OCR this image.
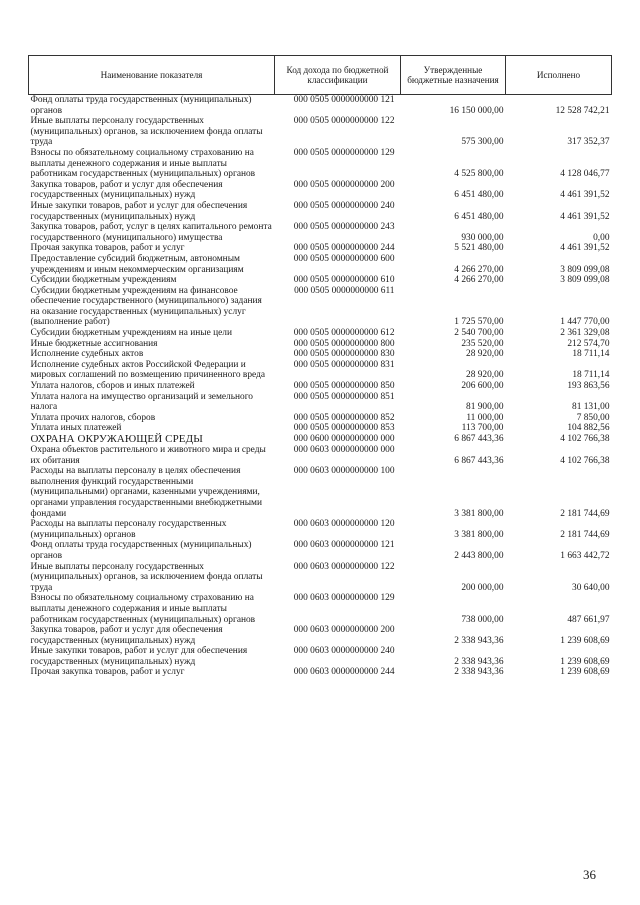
Наименование показателя	Код дохода по бюджетной классификации	Утвержденные бюджетные назначения	Исполнено
Фонд оплаты труда государственных (муниципальных) органов	000 0505 0000000000 121	16 150 000,00	12 528 742,21
Иные выплаты персоналу государственных (муниципальных) органов, за исключением фонда оплаты труда	000 0505 0000000000 122	575 300,00	317 352,37
Взносы по обязательному социальному страхованию на выплаты денежного содержания и иные выплаты работникам государственных (муниципальных) органов	000 0505 0000000000 129	4 525 800,00	4 128 046,77
Закупка товаров, работ и услуг для обеспечения государственных (муниципальных) нужд	000 0505 0000000000 200	6 451 480,00	4 461 391,52
Иные закупки товаров, работ и услуг для обеспечения государственных (муниципальных) нужд	000 0505 0000000000 240	6 451 480,00	4 461 391,52
Закупка товаров, работ, услуг в целях капитального ремонта государственного (муниципального) имущества	000 0505 0000000000 243	930 000,00	0,00
Прочая закупка товаров, работ и услуг	000 0505 0000000000 244	5 521 480,00	4 461 391,52
Предоставление субсидий бюджетным, автономным учреждениям и иным некоммерческим организациям	000 0505 0000000000 600	4 266 270,00	3 809 099,08
Субсидии бюджетным учреждениям	000 0505 0000000000 610	4 266 270,00	3 809 099,08
Субсидии бюджетным учреждениям на финансовое обеспечение государственного (муниципального) задания на оказание государственных (муниципальных) услуг (выполнение работ)	000 0505 0000000000 611	1 725 570,00	1 447 770,00
Субсидии бюджетным учреждениям на иные цели	000 0505 0000000000 612	2 540 700,00	2 361 329,08
Иные бюджетные ассигнования	000 0505 0000000000 800	235 520,00	212 574,70
Исполнение судебных актов	000 0505 0000000000 830	28 920,00	18 711,14
Исполнение судебных актов Российской Федерации и мировых соглашений по возмещению причиненного вреда	000 0505 0000000000 831	28 920,00	18 711,14
Уплата налогов, сборов и иных платежей	000 0505 0000000000 850	206 600,00	193 863,56
Уплата налога на имущество организаций и земельного налога	000 0505 0000000000 851	81 900,00	81 131,00
Уплата прочих налогов, сборов	000 0505 0000000000 852	11 000,00	7 850,00
Уплата иных платежей	000 0505 0000000000 853	113 700,00	104 882,56
ОХРАНА ОКРУЖАЮЩЕЙ СРЕДЫ	000 0600 0000000000 000	6 867 443,36	4 102 766,38
Охрана объектов растительного и животного мира и среды их обитания	000 0603 0000000000 000	6 867 443,36	4 102 766,38
Расходы на выплаты персоналу в целях обеспечения выполнения функций государственными (муниципальными) органами, казенными учреждениями, органами управления государственными внебюджетными фондами	000 0603 0000000000 100	3 381 800,00	2 181 744,69
Расходы на выплаты персоналу государственных (муниципальных) органов	000 0603 0000000000 120	3 381 800,00	2 181 744,69
Фонд оплаты труда государственных (муниципальных) органов	000 0603 0000000000 121	2 443 800,00	1 663 442,72
Иные выплаты персоналу государственных (муниципальных) органов, за исключением фонда оплаты труда	000 0603 0000000000 122	200 000,00	30 640,00
Взносы по обязательному социальному страхованию на выплаты денежного содержания и иные выплаты работникам государственных (муниципальных) органов	000 0603 0000000000 129	738 000,00	487 661,97
Закупка товаров, работ и услуг для обеспечения государственных (муниципальных) нужд	000 0603 0000000000 200	2 338 943,36	1 239 608,69
Иные закупки товаров, работ и услуг для обеспечения государственных (муниципальных) нужд	000 0603 0000000000 240	2 338 943,36	1 239 608,69
Прочая закупка товаров, работ и услуг	000 0603 0000000000 244	2 338 943,36	1 239 608,69
36
